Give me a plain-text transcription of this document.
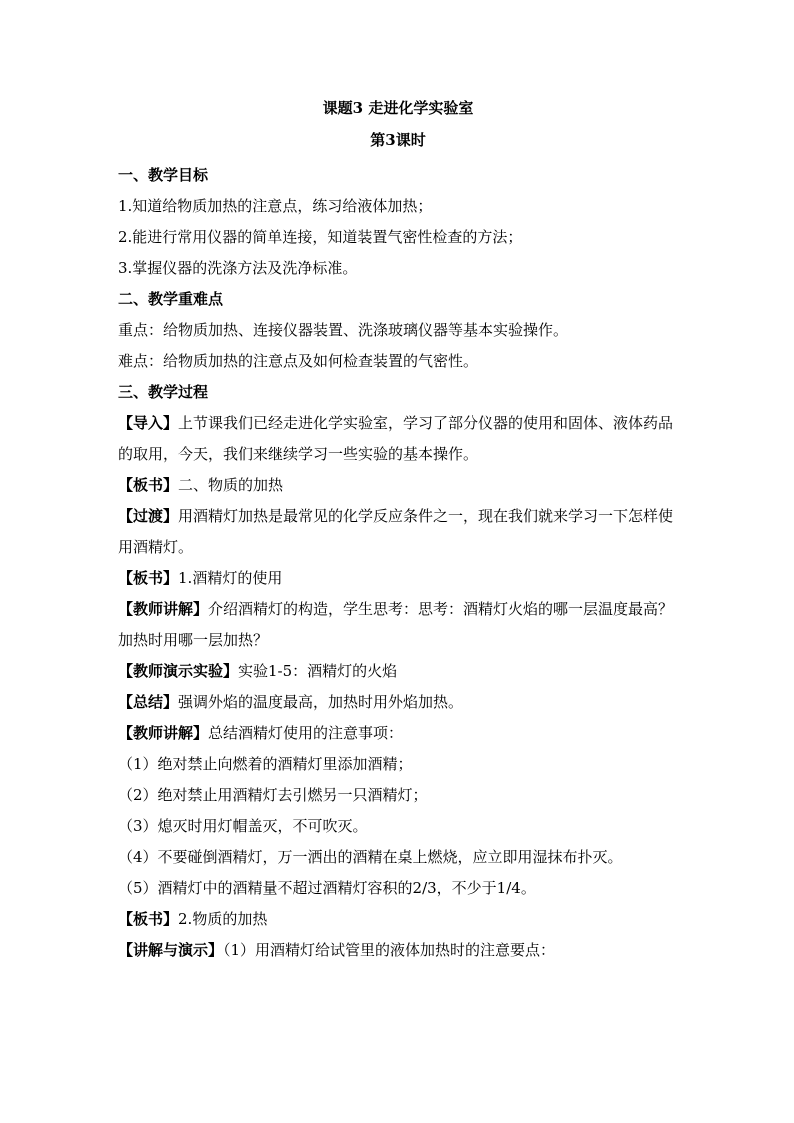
课题3 走进化学实验室
第3课时
一、教学目标
1.知道给物质加热的注意点，练习给液体加热；
2.能进行常用仪器的简单连接，知道装置气密性检查的方法；
3.掌握仪器的洗涤方法及洗净标准。
二、教学重难点
重点：给物质加热、连接仪器装置、洗涤玻璃仪器等基本实验操作。
难点：给物质加热的注意点及如何检查装置的气密性。
三、教学过程
【导入】上节课我们已经走进化学实验室，学习了部分仪器的使用和固体、液体药品的取用，今天，我们来继续学习一些实验的基本操作。
【板书】二、物质的加热
【过渡】用酒精灯加热是最常见的化学反应条件之一，现在我们就来学习一下怎样使用酒精灯。
【板书】1.酒精灯的使用
【教师讲解】介绍酒精灯的构造，学生思考：思考：酒精灯火焰的哪一层温度最高？加热时用哪一层加热？
【教师演示实验】实验1-5：酒精灯的火焰
【总结】强调外焰的温度最高，加热时用外焰加热。
【教师讲解】总结酒精灯使用的注意事项：
（1）绝对禁止向燃着的酒精灯里添加酒精；
（2）绝对禁止用酒精灯去引燃另一只酒精灯；
（3）熄灭时用灯帽盖灭，不可吹灭。
（4）不要碰倒酒精灯，万一洒出的酒精在桌上燃烧，应立即用湿抹布扑灭。
（5）酒精灯中的酒精量不超过酒精灯容积的2/3，不少于1/4。
【板书】2.物质的加热
【讲解与演示】（1）用酒精灯给试管里的液体加热时的注意要点：
